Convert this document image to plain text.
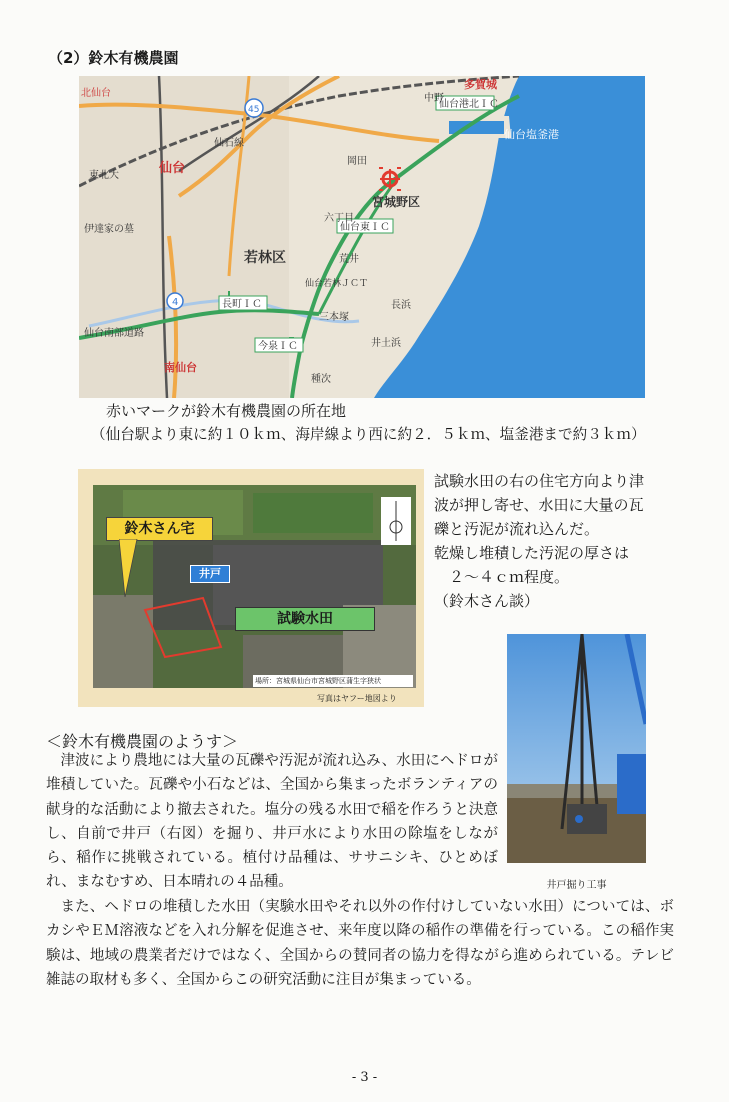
（2）鈴木有機農園
仙台港北ＩＣ
仙台東ＩＣ
長町ＩＣ
今泉ＩＣ
北仙台
仙台
東北大
伊達家の墓
若林区
宮城野区
仙台塩釜港
多賀城
仙石線
中野
六丁目
荒井
三本塚
長浜
井土浜
種次
岡田
仙台若林ＪＣＴ
仙台南部道路
南仙台
4
45
赤いマークが鈴木有機農園の所在地
（仙台駅より東に約１０ｋｍ、海岸線より西に約２．５ｋｍ、塩釜港まで約３ｋｍ）
鈴木さん宅
井戸
試験水田
場所：宮城県仙台市宮城野区蒲生字狭状
写真はヤフー地図より
試験水田の右の住宅方向より津
波が押し寄せ、水田に大量の瓦
礫と汚泥が流れ込んだ。
乾燥し堆積した汚泥の厚さは
２～４ｃｍ程度。
（鈴木さん談）
井戸掘り工事
＜鈴木有機農園のようす＞
津波により農地には大量の瓦礫や汚泥が流れ込み、水田にヘドロが堆積していた。瓦礫や小石などは、全国から集まったボランティアの献身的な活動により撤去された。塩分の残る水田で稲を作ろうと決意し、自前で井戸（右図）を掘り、井戸水により水田の除塩をしながら、稲作に挑戦されている。植付け品種は、ササニシキ、ひとめぼれ、まなむすめ、日本晴れの４品種。
また、ヘドロの堆積した水田（実験水田やそれ以外の作付けしていない水田）については、ボカシやＥＭ溶液などを入れ分解を促進させ、来年度以降の稲作の準備を行っている。この稲作実験は、地域の農業者だけではなく、全国からの賛同者の協力を得ながら進められている。テレビ雑誌の取材も多く、全国からこの研究活動に注目が集まっている。
- 3 -
